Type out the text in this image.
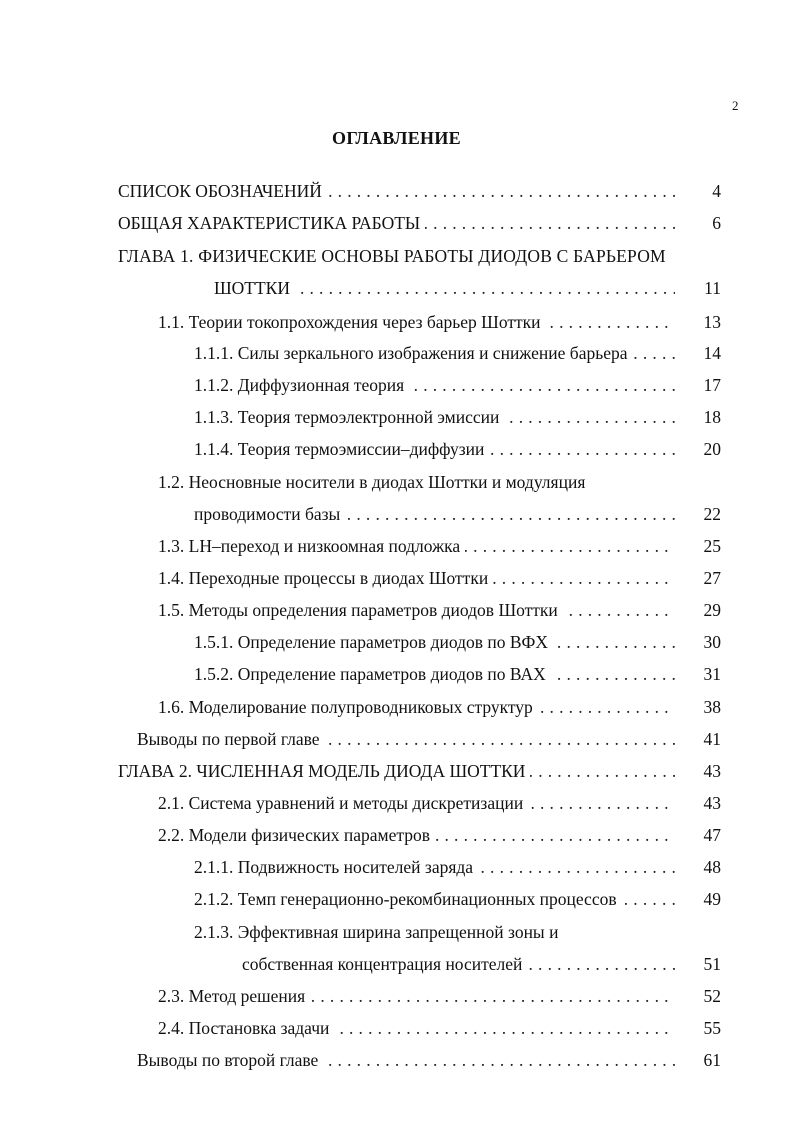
2
ОГЛАВЛЕНИЕ
. . .
СПИСОК ОБОЗНАЧЕНИЙ	4
. . .
ОБЩАЯ ХАРАКТЕРИСТИКА РАБОТЫ	6
ГЛАВА 1. ФИЗИЧЕСКИЕ ОСНОВЫ РАБОТЫ ДИОДОВ С БАРЬЕРОМ
. . .
ШОТТКИ	11
. . .
1.1. Теории токопрохождения через барьер Шоттки	13
. . .
1.1.1. Силы зеркального изображения и снижение барьера	14
. . .
1.1.2. Диффузионная теория	17
. . .
1.1.3. Теория термоэлектронной эмиссии	18
. . .
1.1.4. Теория термоэмиссии–диффузии	20
1.2. Неосновные носители в диодах Шоттки и модуляция
. . .
проводимости базы	22
. . .
1.3. LH–переход и низкоомная подложка	25
. . .
1.4. Переходные процессы в диодах Шоттки	27
. . .
1.5. Методы определения параметров диодов Шоттки	29
. . .
1.5.1. Определение параметров диодов по ВФХ	30
. . .
1.5.2. Определение параметров диодов по ВАХ	31
. . .
1.6. Моделирование полупроводниковых структур	38
. . .
Выводы по первой главе	41
. . .
ГЛАВА 2. ЧИСЛЕННАЯ МОДЕЛЬ ДИОДА ШОТТКИ	43
. . .
2.1. Система уравнений и методы дискретизации	43
. . .
2.2. Модели физических параметров	47
. . .
2.1.1. Подвижность носителей заряда	48
. . .
2.1.2. Темп генерационно-рекомбинационных процессов	49
2.1.3. Эффективная ширина запрещенной зоны и
. . .
собственная концентрация носителей	51
. . .
2.3. Метод решения	52
. . .
2.4. Постановка задачи	55
. . .
Выводы по второй главе	61
